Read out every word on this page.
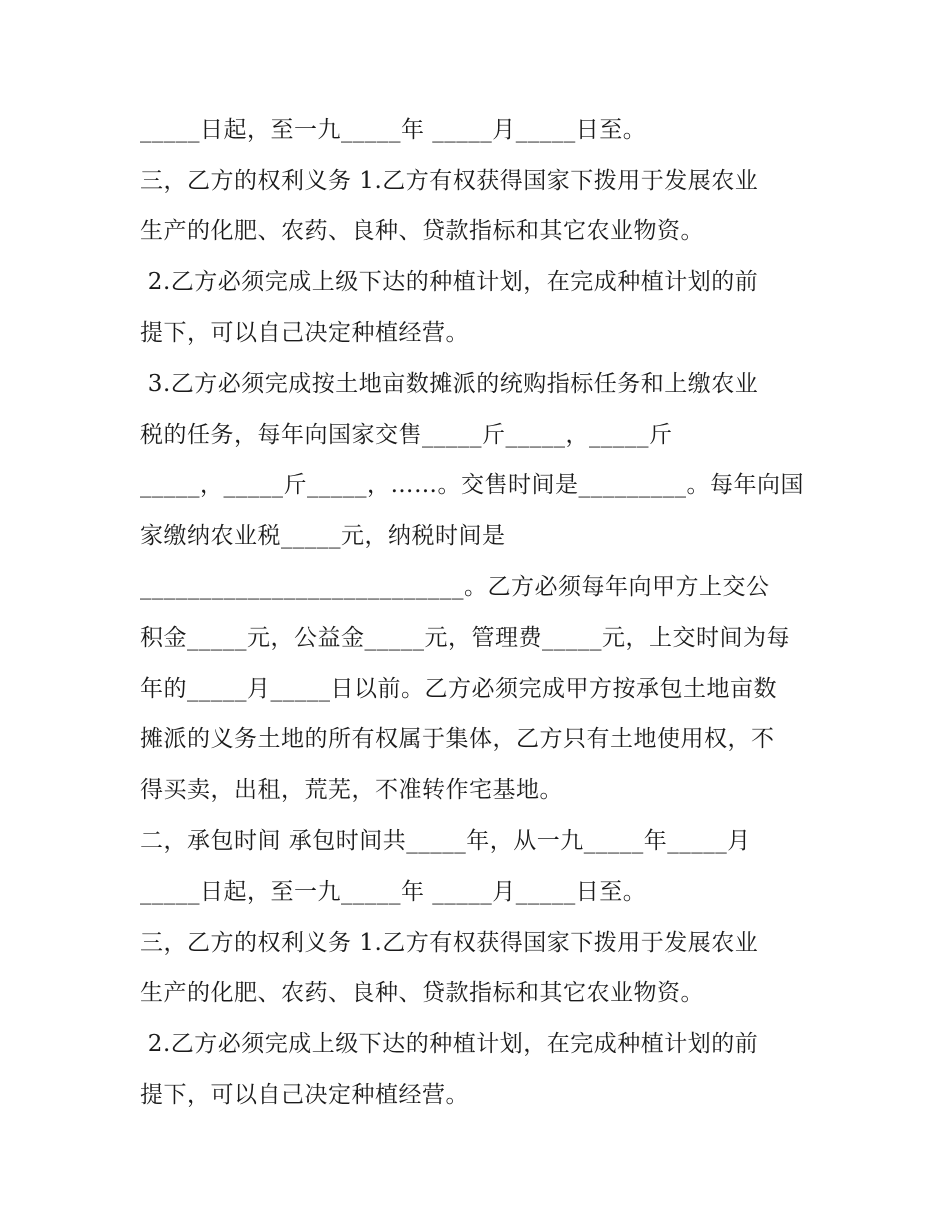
_____日起，至一九_____年 _____月_____日至。
三，乙方的权利义务 1.乙方有权获得国家下拨用于发展农业
生产的化肥、农药、良种、贷款指标和其它农业物资。
2.乙方必须完成上级下达的种植计划，在完成种植计划的前
提下，可以自己决定种植经营。
3.乙方必须完成按土地亩数摊派的统购指标任务和上缴农业
税的任务，每年向国家交售_____斤_____，_____斤
_____，_____斤_____，……。交售时间是_________。每年向国
家缴纳农业税_____元，纳税时间是
___________________________。乙方必须每年向甲方上交公
积金_____元，公益金_____元，管理费_____元，上交时间为每
年的_____月_____日以前。乙方必须完成甲方按承包土地亩数
摊派的义务土地的所有权属于集体，乙方只有土地使用权，不
得买卖，出租，荒芜，不准转作宅基地。
二，承包时间 承包时间共_____年，从一九_____年_____月
_____日起，至一九_____年 _____月_____日至。
三，乙方的权利义务 1.乙方有权获得国家下拨用于发展农业
生产的化肥、农药、良种、贷款指标和其它农业物资。
2.乙方必须完成上级下达的种植计划，在完成种植计划的前
提下，可以自己决定种植经营。
